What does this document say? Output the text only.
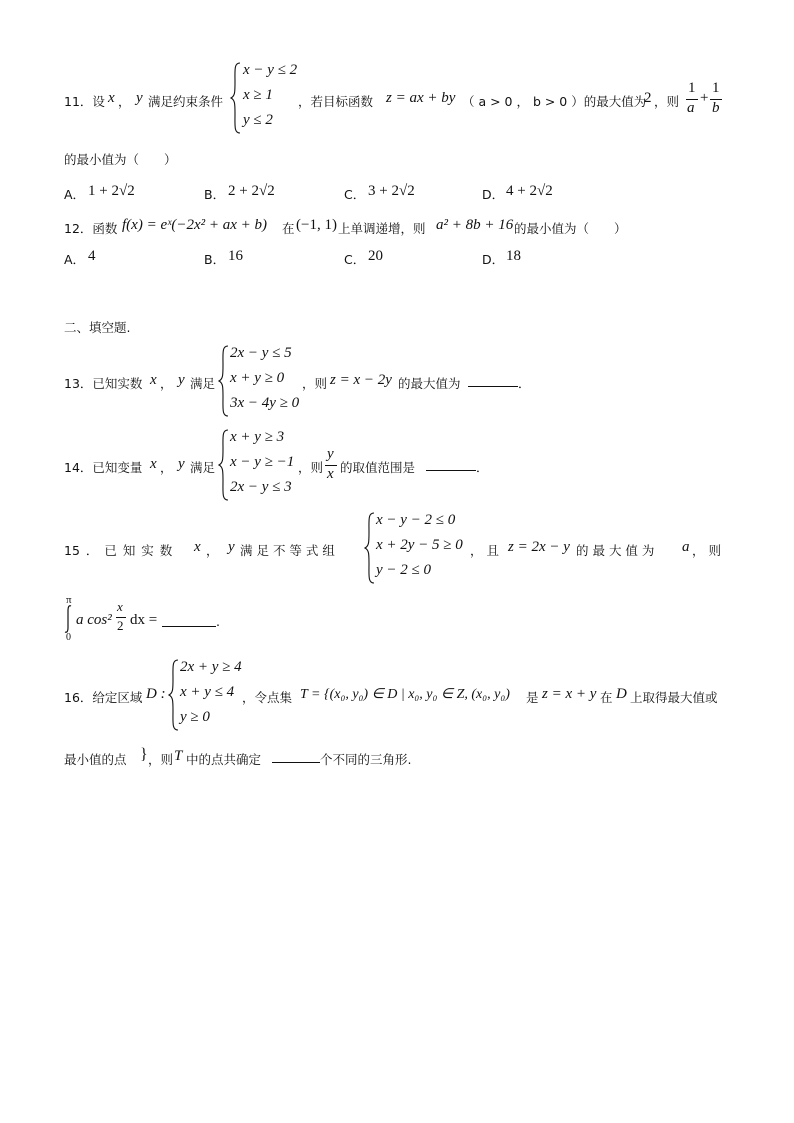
11．设 x ， y 满足约束条件
x − y ≤ 2
x ≥ 1
y ≤ 2
，若目标函数 z = ax + by （ a > 0 ， b > 0 ）的最大值为
2 ，则
1
a
+
1
b
的最小值为（　　）
A． 1 + 2√2	B． 2 + 2√2	C． 3 + 2√2	D． 4 + 2√2
12．函数 f(x) = eˣ(−2x² + ax + b) 在 (−1, 1) 上单调递增，则 a² + 8b + 16 的最小值为（　　）
A． 4	B． 16	C． 20	D． 18
二、填空题.
13．已知实数 x ， y 满足
2x − y ≤ 5
x + y ≥ 0
3x − 4y ≥ 0
，则 z = x − 2y 的最大值为	．
14．已知变量 x ， y 满足
x + y ≥ 3
x − y ≥ −1
2x − y ≤ 3
，则
y
x 的取值范围是	．
15 ． 已 知 实 数 x ， y 满 足 不 等 式 组
x − y − 2 ≤ 0
x + 2y − 5 ≥ 0
y − 2 ≤ 0
， 且 z = 2x − y 的 最 大 值 为 a ， 则
π
0
a cos²
x
2 dx =	.
16．给定区域 D :
2x + y ≥ 4
x + y ≤ 4
y ≥ 0
，令点集 T = {(x₀, y₀) ∈ D | x₀, y₀ ∈ Z, (x₀, y₀) 是 z = x + y 在 D 上取得最大值或
最小值的点 } ，则 T 中的点共确定	个不同的三角形.
